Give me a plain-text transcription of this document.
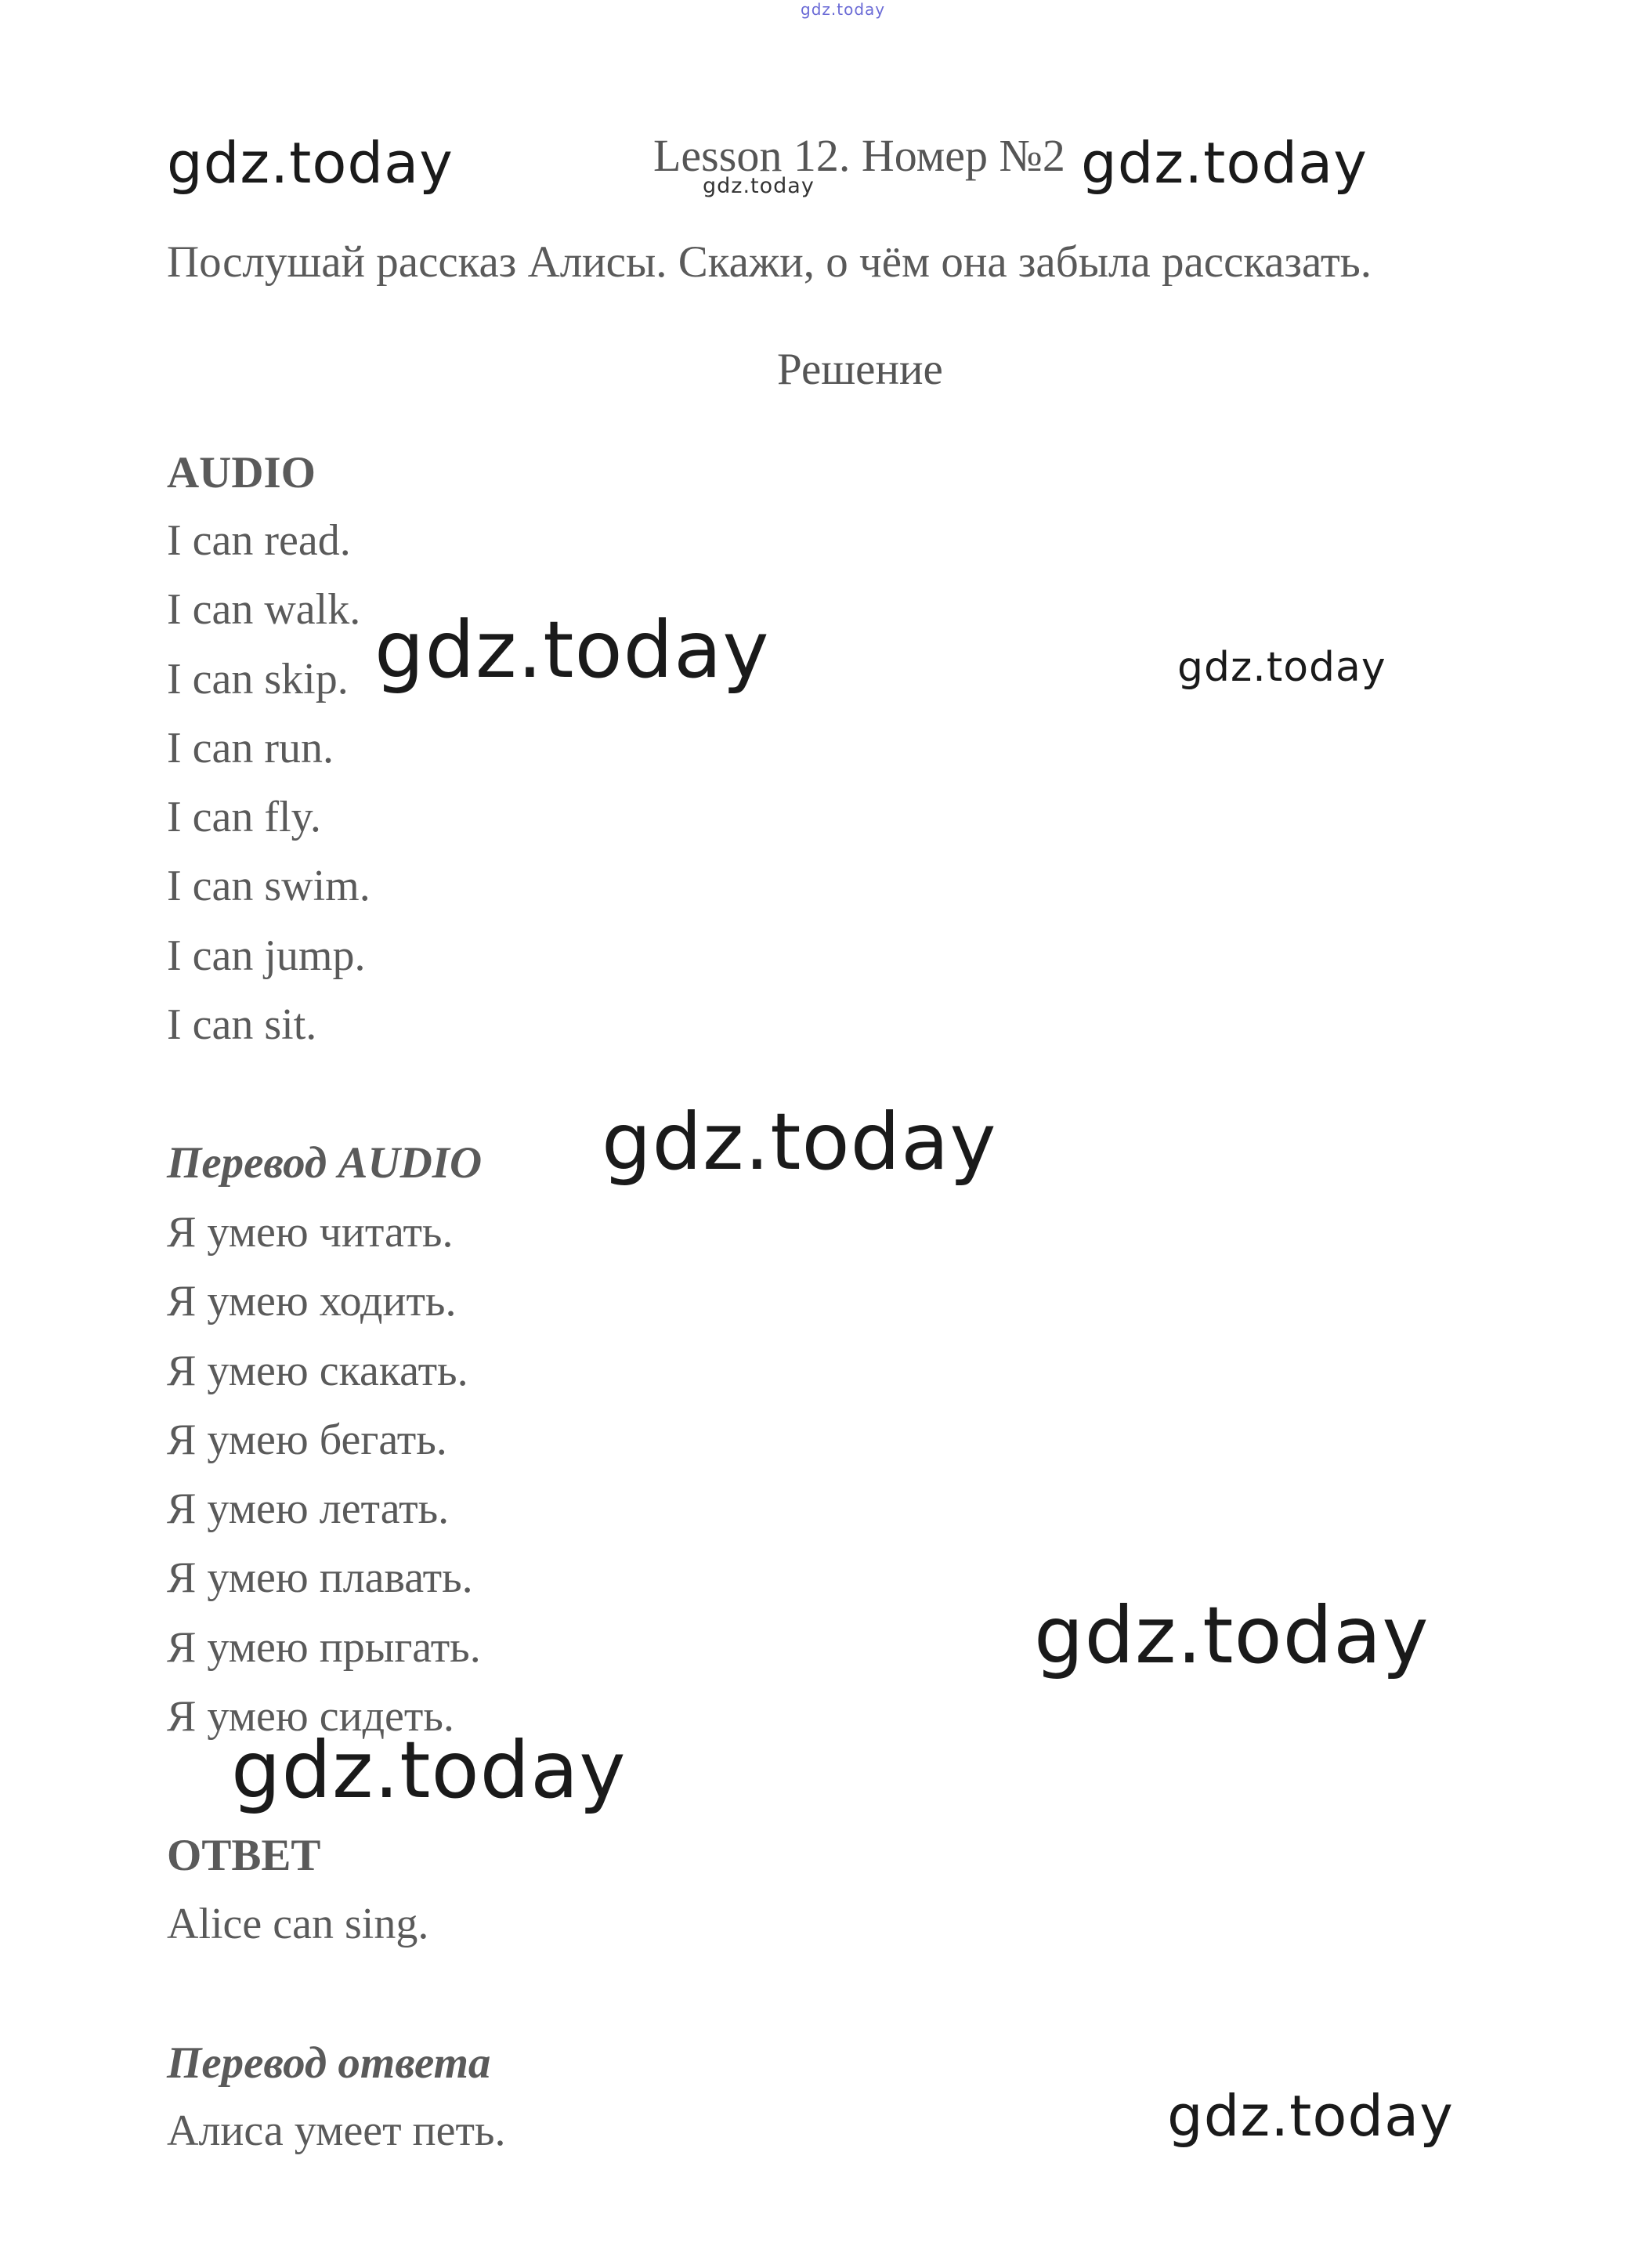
gdz.today
gdz.today	Lesson 12. Номер №2
gdz.today	gdz.today
Послушай рассказ Алисы. Скажи, о чём она забыла рассказать.
Решение
AUDIO
I can read.
I can walk.
I can skip.
I can run.
I can fly.
I can swim.
I can jump.
I can sit.
gdz.today	gdz.today
Перевод AUDIO gdz.today
Я умею читать.
Я умею ходить.
Я умею скакать.
Я умею бегать.
Я умею летать.
Я умею плавать.
Я умею прыгать.
Я умею сидеть.
gdz.today
gdz.today
ОТВЕТ
Alice can sing.
Перевод ответа
Алиса умеет петь.	gdz.today
